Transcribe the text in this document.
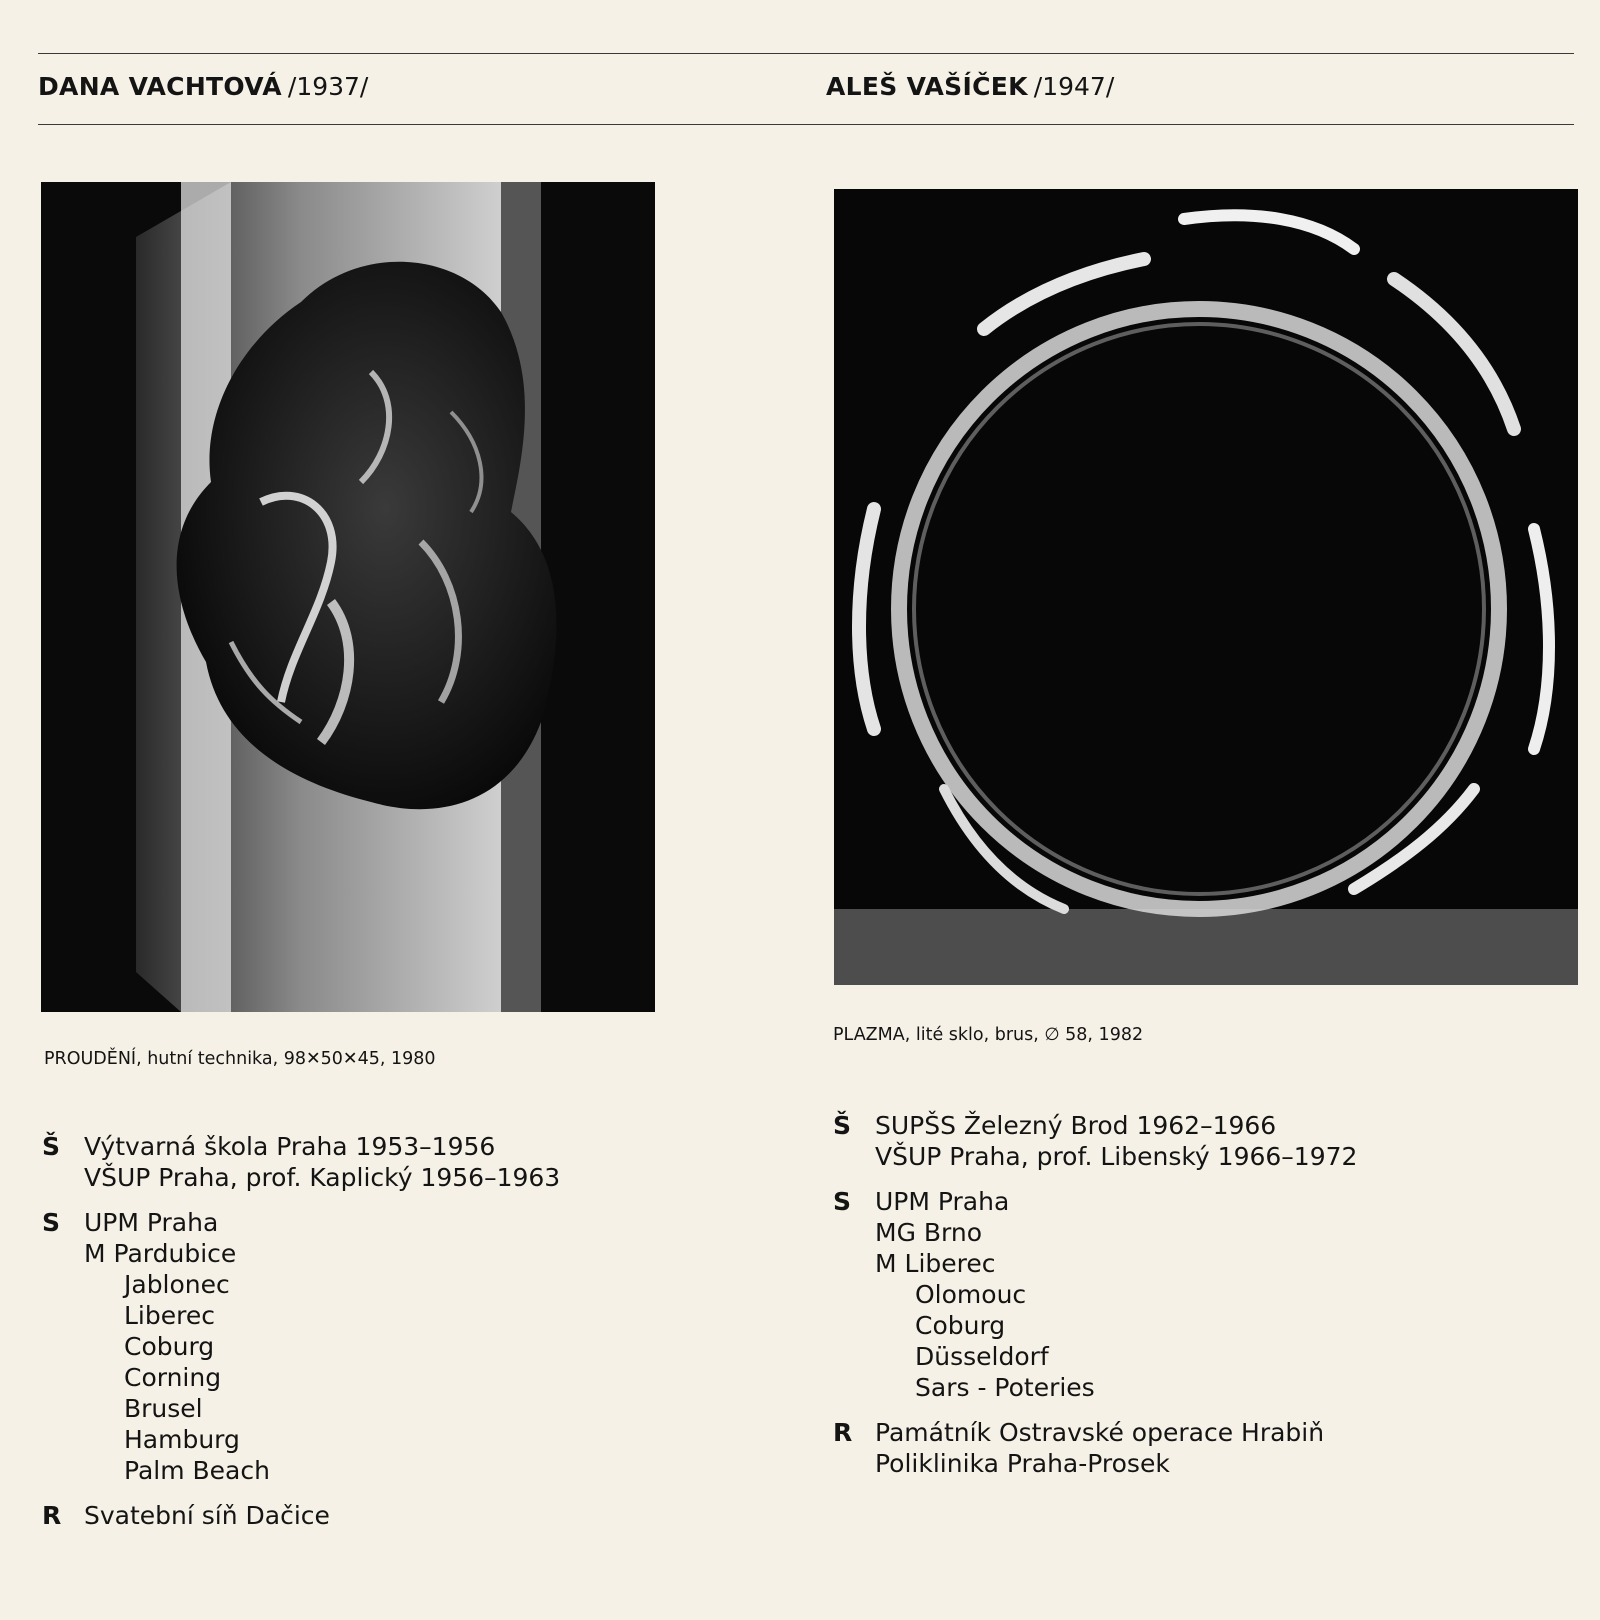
DANA VACHTOVÁ /1937/	ALEŠ VAŠÍČEK /1947/
PROUDĚNÍ, hutní technika, 98✕50✕45, 1980
PLAZMA, lité sklo, brus, ∅ 58, 1982
Š Výtvarná škola Praha 1953–1956
VŠUP Praha, prof. Kaplický 1956–1963
S UPM Praha
M Pardubice
Jablonec
Liberec
Coburg
Corning
Brusel
Hamburg
Palm Beach
R Svatební síň Dačice
Š SUPŠS Železný Brod 1962–1966
VŠUP Praha, prof. Libenský 1966–1972
S UPM Praha
MG Brno
M Liberec
Olomouc
Coburg
Düsseldorf
Sars - Poteries
R Památník Ostravské operace Hrabiň
Poliklinika Praha-Prosek
